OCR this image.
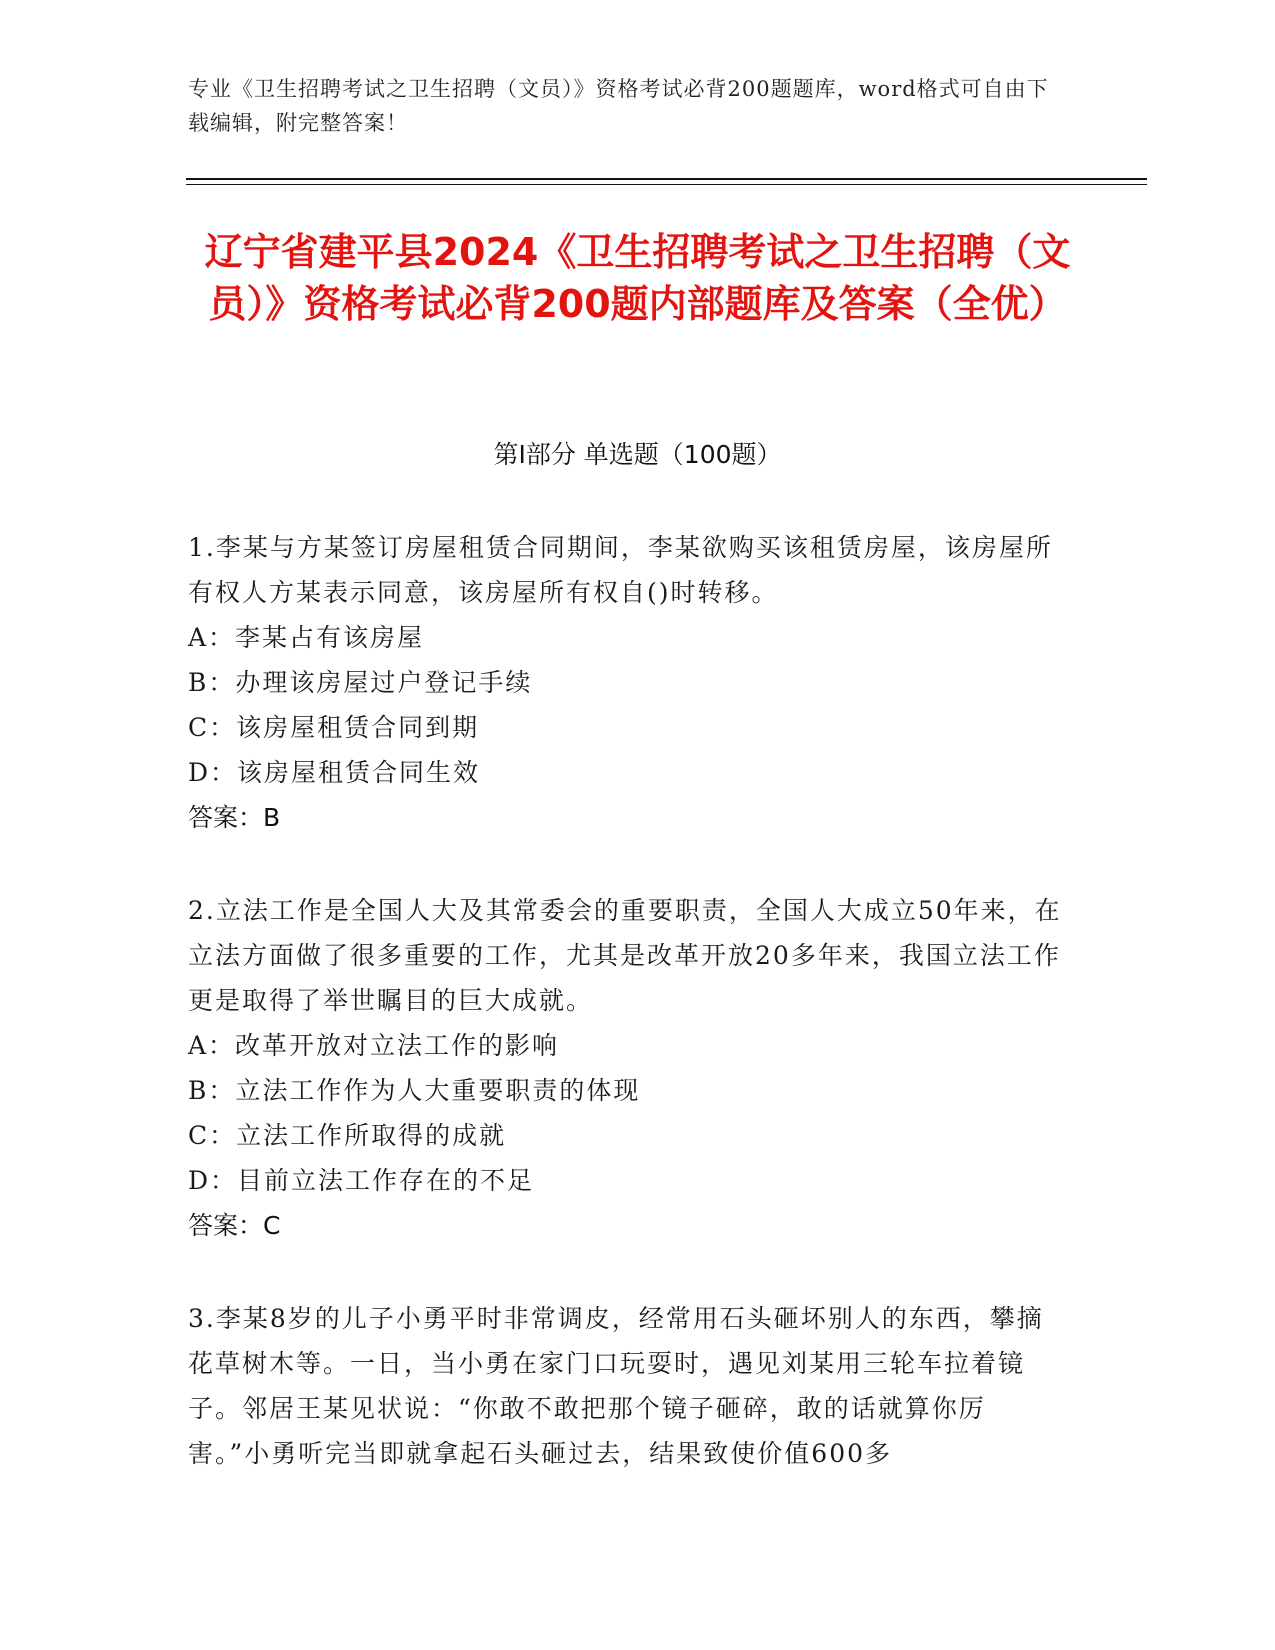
专业《卫生招聘考试之卫生招聘（文员）》资格考试必背200题题库，word格式可自由下载编辑，附完整答案！
辽宁省建平县2024《卫生招聘考试之卫生招聘（文员）》资格考试必背200题内部题库及答案（全优）
第Ⅰ部分 单选题（100题）

1.李某与方某签订房屋租赁合同期间，李某欲购买该租赁房屋，该房屋所有权人方某表示同意，该房屋所有权自()时转移。

A：李某占有该房屋

B：办理该房屋过户登记手续

C：该房屋租赁合同到期

D：该房屋租赁合同生效

答案：B

2.立法工作是全国人大及其常委会的重要职责，全国人大成立50年来，在立法方面做了很多重要的工作，尤其是改革开放20多年来，我国立法工作更是取得了举世瞩目的巨大成就。

A：改革开放对立法工作的影响

B：立法工作作为人大重要职责的体现

C：立法工作所取得的成就

D：目前立法工作存在的不足

答案：C

3.李某8岁的儿子小勇平时非常调皮，经常用石头砸坏别人的东西，攀摘花草树木等。一日，当小勇在家门口玩耍时，遇见刘某用三轮车拉着镜子。邻居王某见状说：“你敢不敢把那个镜子砸碎，敢的话就算你厉害。”小勇听完当即就拿起石头砸过去，结果致使价值600多
